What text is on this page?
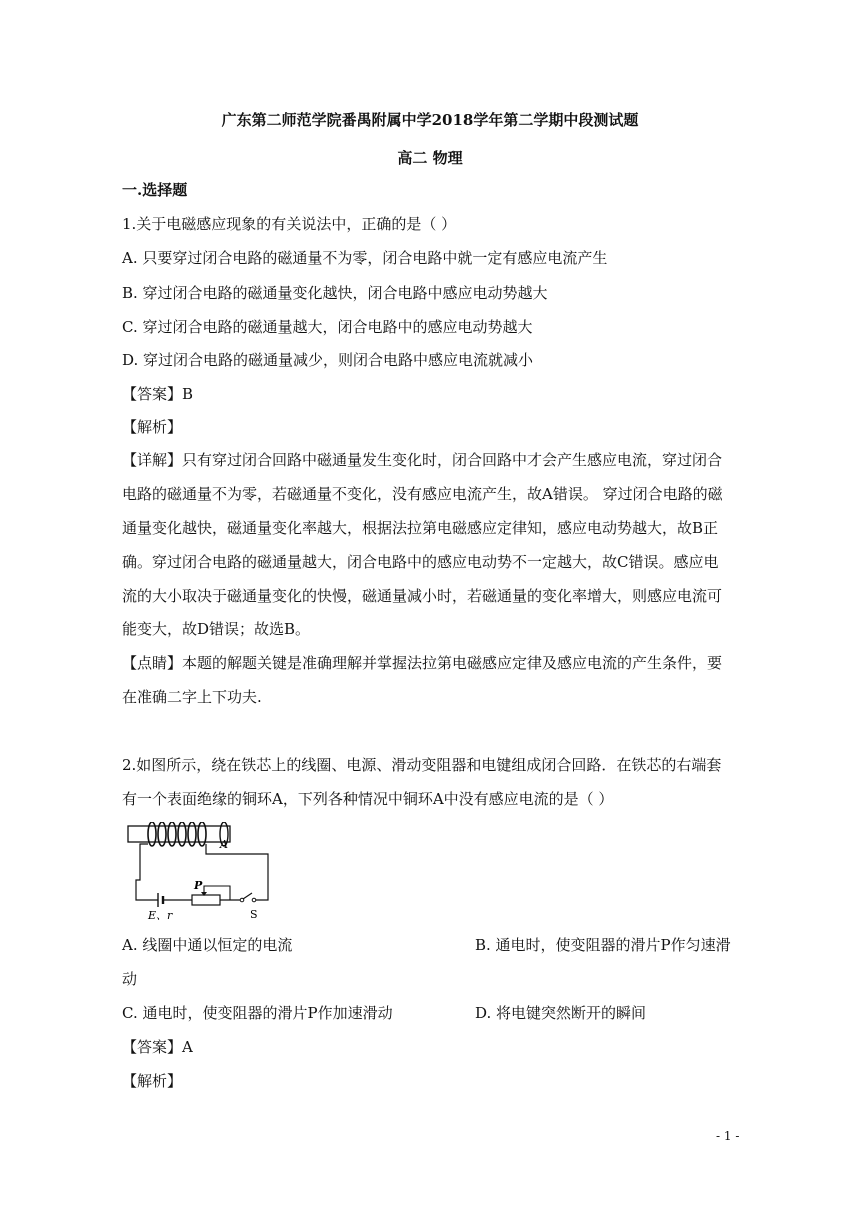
广东第二师范学院番禺附属中学2018学年第二学期中段测试题
高二 物理
一.选择题
1.关于电磁感应现象的有关说法中，正确的是（ ）
A. 只要穿过闭合电路的磁通量不为零，闭合电路中就一定有感应电流产生
B. 穿过闭合电路的磁通量变化越快，闭合电路中感应电动势越大
C. 穿过闭合电路的磁通量越大，闭合电路中的感应电动势越大
D. 穿过闭合电路的磁通量减少，则闭合电路中感应电流就减小
【答案】B
【解析】
【详解】只有穿过闭合回路中磁通量发生变化时，闭合回路中才会产生感应电流，穿过闭合
电路的磁通量不为零，若磁通量不变化，没有感应电流产生，故A错误。 穿过闭合电路的磁
通量变化越快，磁通量变化率越大，根据法拉第电磁感应定律知，感应电动势越大，故B正
确。穿过闭合电路的磁通量越大，闭合电路中的感应电动势不一定越大，故C错误。感应电
流的大小取决于磁通量变化的快慢，磁通量减小时，若磁通量的变化率增大，则感应电流可
能变大，故D错误；故选B。
【点睛】本题的解题关键是准确理解并掌握法拉第电磁感应定律及感应电流的产生条件，要
在准确二字上下功夫.
2.如图所示，绕在铁芯上的线圈、电源、滑动变阻器和电键组成闭合回路．在铁芯的右端套
有一个表面绝缘的铜环A，下列各种情况中铜环A中没有感应电流的是（ ）
A
E、r
P
S
A. 线圈中通以恒定的电流	B. 通电时，使变阻器的滑片P作匀速滑
动
C. 通电时，使变阻器的滑片P作加速滑动	D. 将电键突然断开的瞬间
【答案】A
【解析】
- 1 -
